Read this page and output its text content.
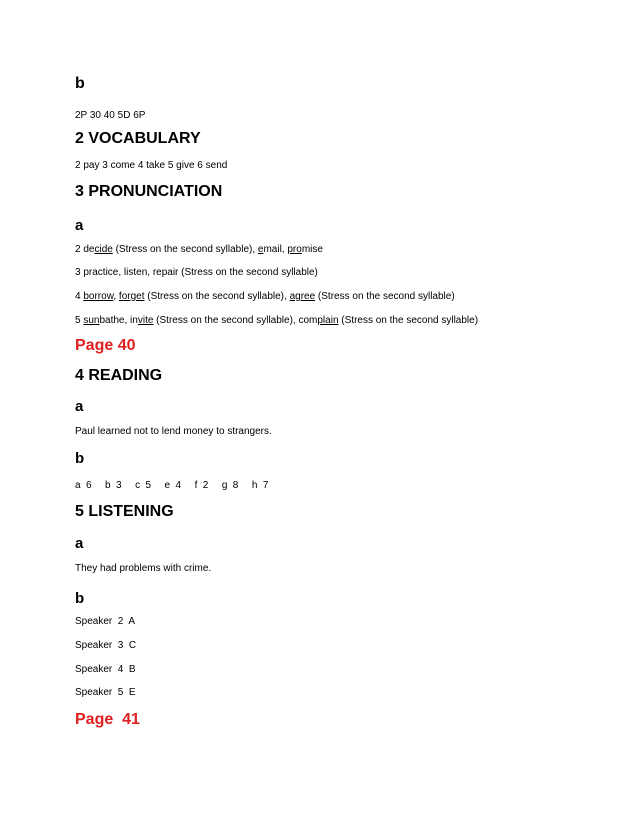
b
2P 30 40 5D 6P
2 VOCABULARY
2 pay 3 come 4 take 5 give 6 send
3 PRONUNCIATION
a
2 decide (Stress on the second syllable), email, promise
3 practice, listen, repair (Stress on the second syllable)
4 borrow, forget (Stress on the second syllable), agree (Stress on the second syllable)
5 sunbathe, invite (Stress on the second syllable), complain (Stress on the second syllable)
Page 40
4 READING
a
Paul learned not to lend money to strangers.
b
a 6   b 3   c 5   e 4   f 2   g 8   h 7
5 LISTENING
a
They had problems with crime.
b
Speaker  2  A
Speaker  3  C
Speaker  4  B
Speaker  5  E
Page  41
